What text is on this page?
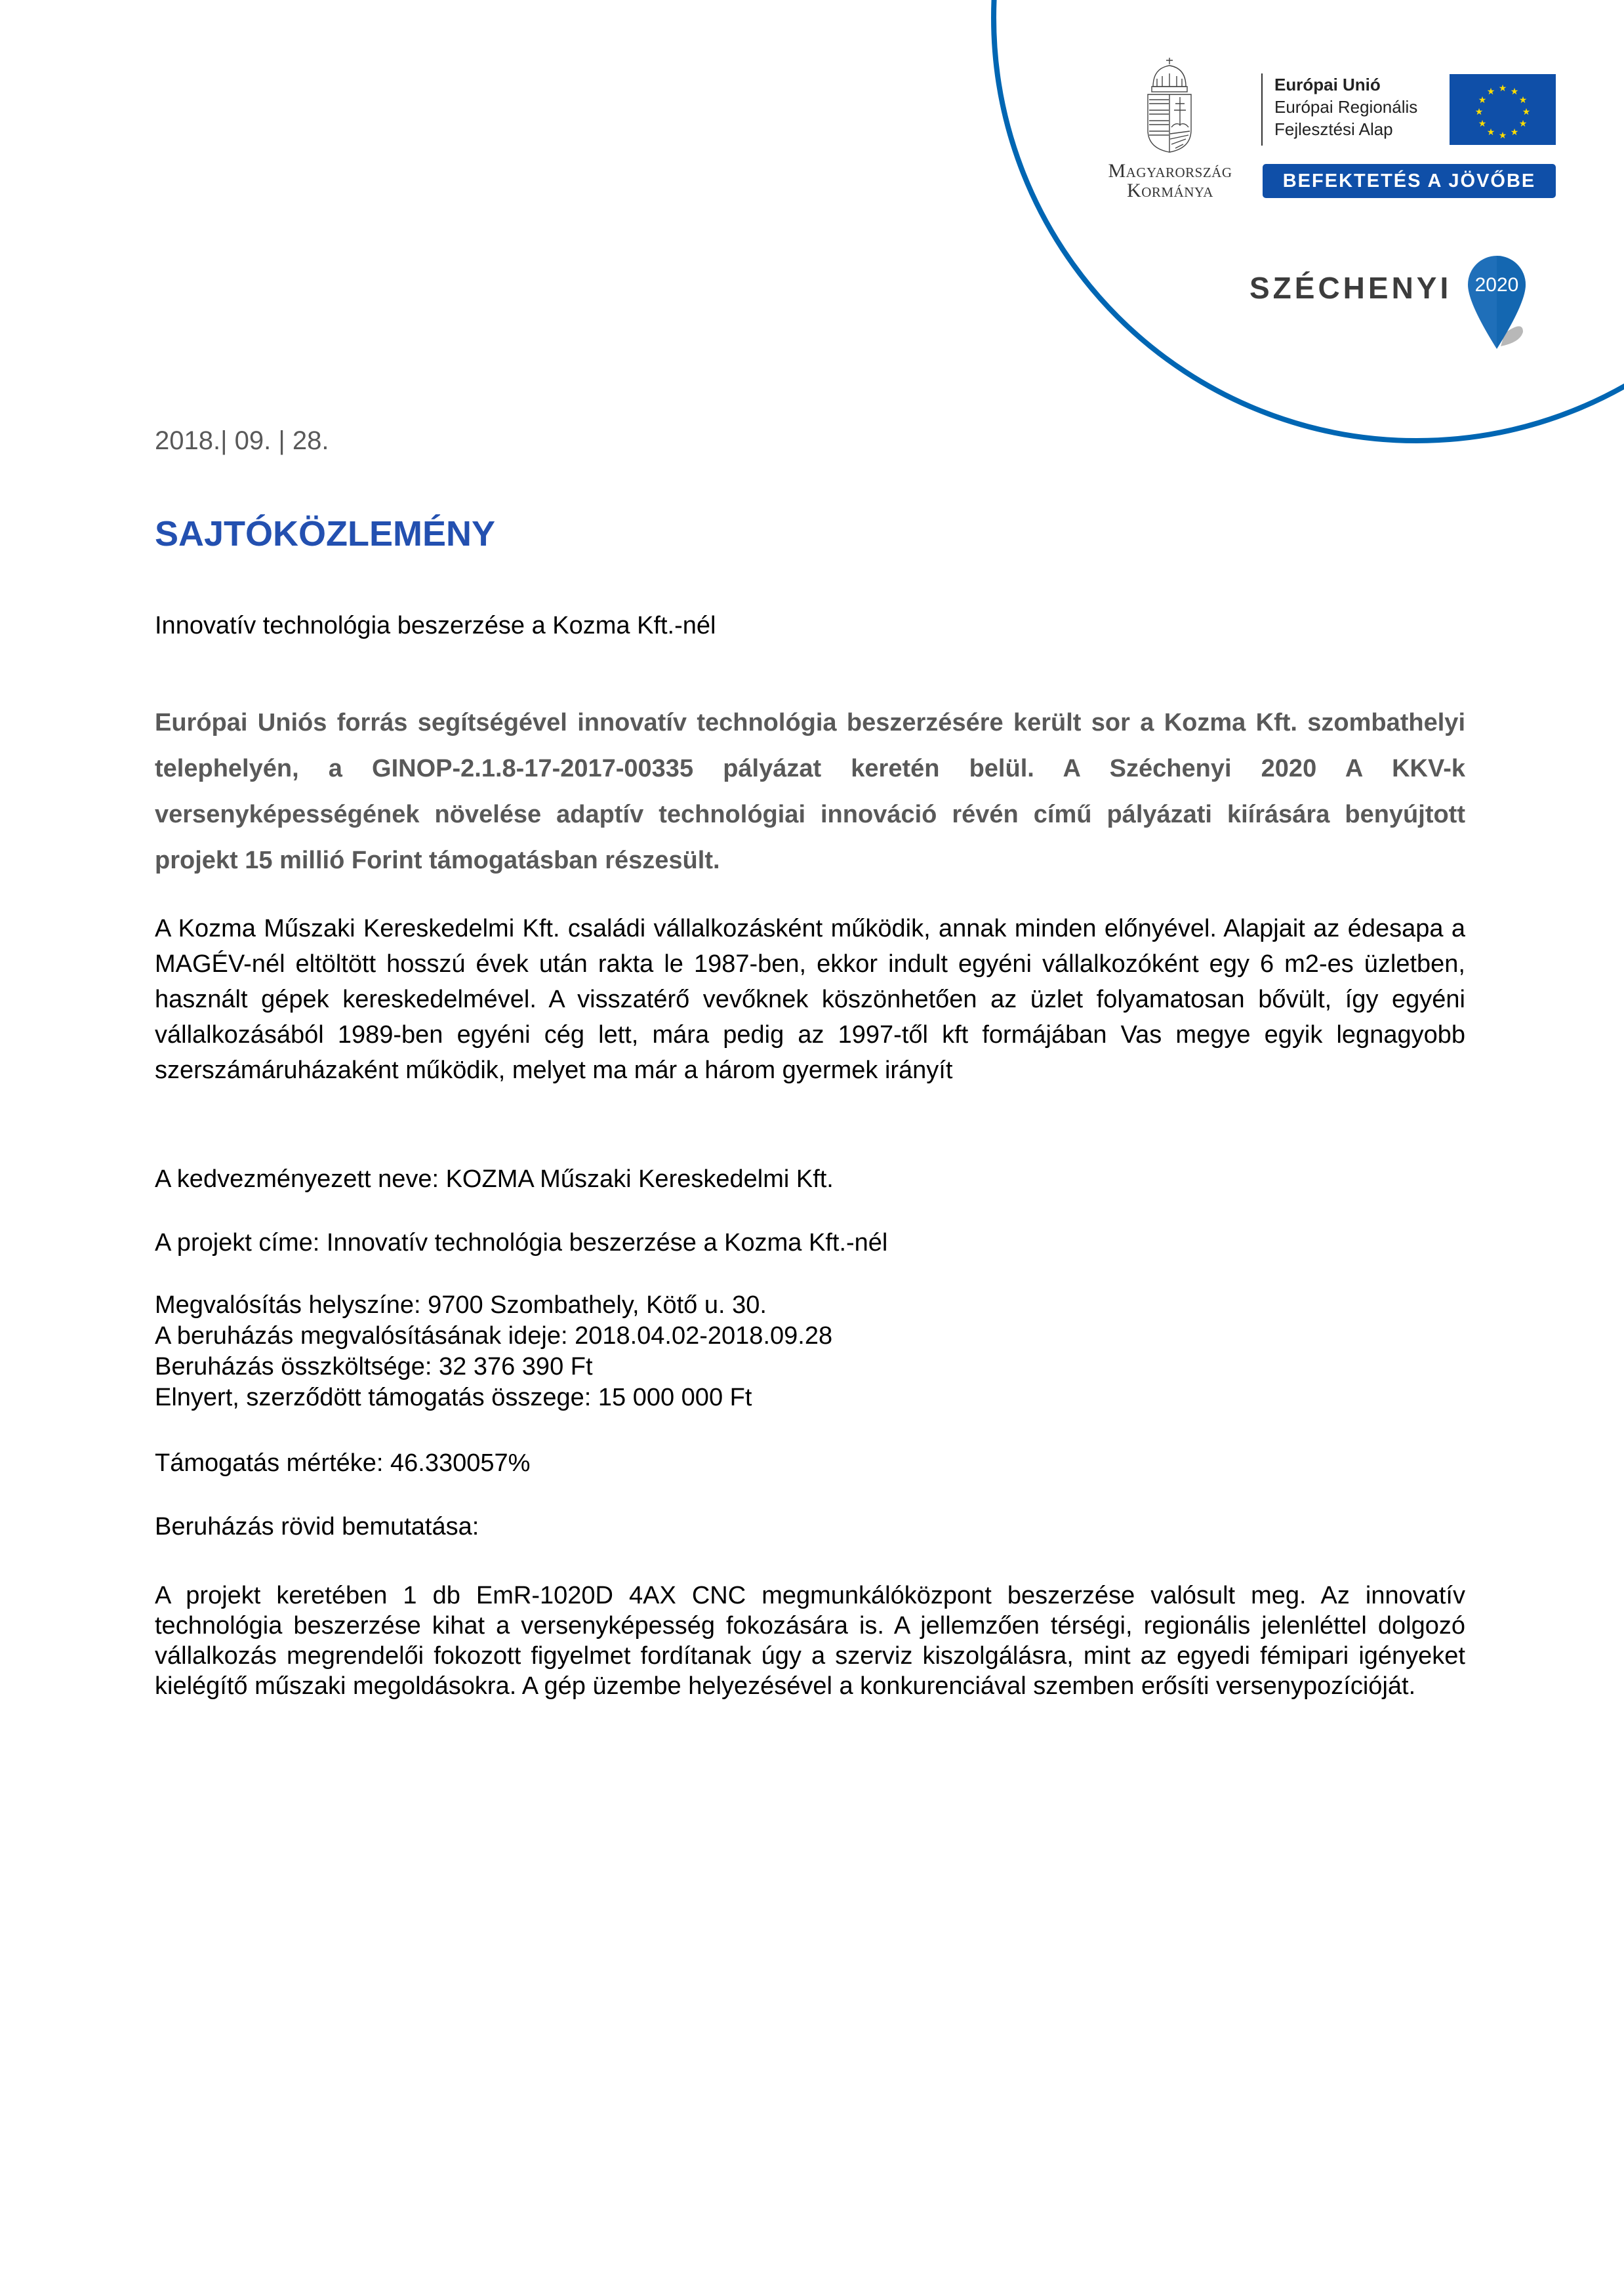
Magyarország
Kormánya
Európai Unió
Európai Regionális
Fejlesztési Alap
★ ★
★
★
★
★
★
★
★
★
★
★
BEFEKTETÉS A JÖVŐBE
SZÉCHENYI 2020
2018.| 09. | 28.
SAJTÓKÖZLEMÉNY
Innovatív technológia beszerzése a Kozma Kft.-nél
Európai Uniós forrás segítségével innovatív technológia beszerzésére került sor a Kozma Kft. szombathelyi telephelyén, a GINOP-2.1.8-17-2017-00335 pályázat keretén belül. A Széchenyi 2020 A KKV-k versenyképességének növelése adaptív technológiai innováció révén című pályázati kiírására benyújtott projekt 15 millió Forint támogatásban részesült.
A Kozma Műszaki Kereskedelmi Kft. családi vállalkozásként működik, annak minden előnyével. Alapjait az édesapa a MAGÉV-nél eltöltött hosszú évek után rakta le 1987-ben, ekkor indult egyéni vállalkozóként egy 6 m2-es üzletben, használt gépek kereskedelmével. A visszatérő vevőknek köszönhetően az üzlet folyamatosan bővült, így egyéni vállalkozásából 1989-ben egyéni cég lett, mára pedig az 1997-től kft formájában Vas megye egyik legnagyobb szerszámáruházaként működik, melyet ma már a három gyermek irányít
A kedvezményezett neve: KOZMA Műszaki Kereskedelmi Kft.
A projekt címe: Innovatív technológia beszerzése a Kozma Kft.-nél
Megvalósítás helyszíne: 9700 Szombathely, Kötő u. 30.
A beruházás megvalósításának ideje: 2018.04.02-2018.09.28
Beruházás összköltsége: 32 376 390 Ft
Elnyert, szerződött támogatás összege: 15 000 000 Ft
Támogatás mértéke: 46.330057%
Beruházás rövid bemutatása:
A projekt keretében 1 db EmR-1020D 4AX CNC megmunkálóközpont beszerzése valósult meg. Az innovatív technológia beszerzése kihat a versenyképesség fokozására is. A jellemzően térségi, regionális jelenléttel dolgozó vállalkozás megrendelői fokozott figyelmet fordítanak úgy a szerviz kiszolgálásra, mint az egyedi fémipari igényeket kielégítő műszaki megoldásokra. A gép üzembe helyezésével a konkurenciával szemben erősíti versenypozícióját.
